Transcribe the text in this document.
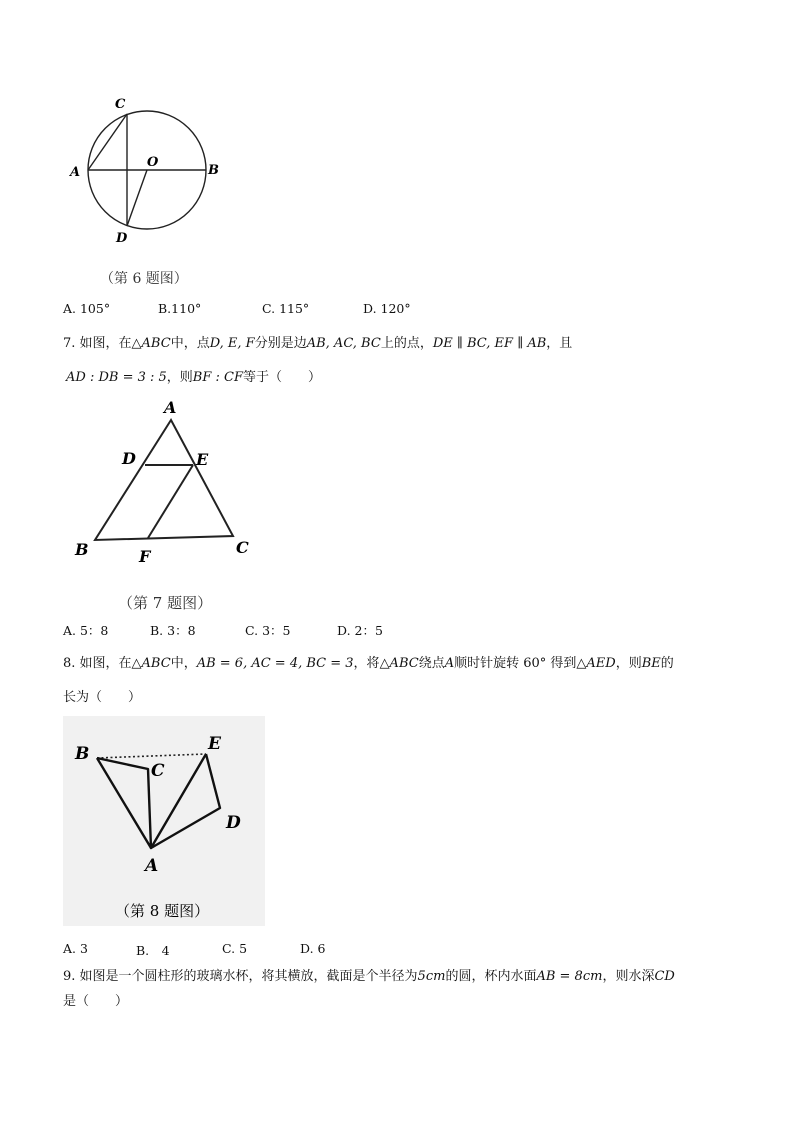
C
A
O
B
D
（第 6 题图）
A. 105°	B.110°	C. 115°	D. 120°
7. 如图，在△ABC中，点D, E, F分别是边AB, AC, BC上的点，DE ∥ BC, EF ∥ AB，且
AD : DB = 3 : 5，则BF : CF等于（　　）
A
D	E
B	F	C
（第 7 题图）
A. 5：8	B. 3：8	C. 3：5	D. 2：5
8. 如图，在△ABC中，AB = 6, AC = 4, BC = 3，将△ABC绕点A顺时针旋转 60° 得到△AED，则BE的
长为（　　）
B	E
C
D
A
（第 8 题图）
A. 3	B.　4	C. 5	D. 6
9. 如图是一个圆柱形的玻璃水杯，将其横放，截面是个半径为5cm的圆，杯内水面AB = 8cm，则水深CD
是（　　）
